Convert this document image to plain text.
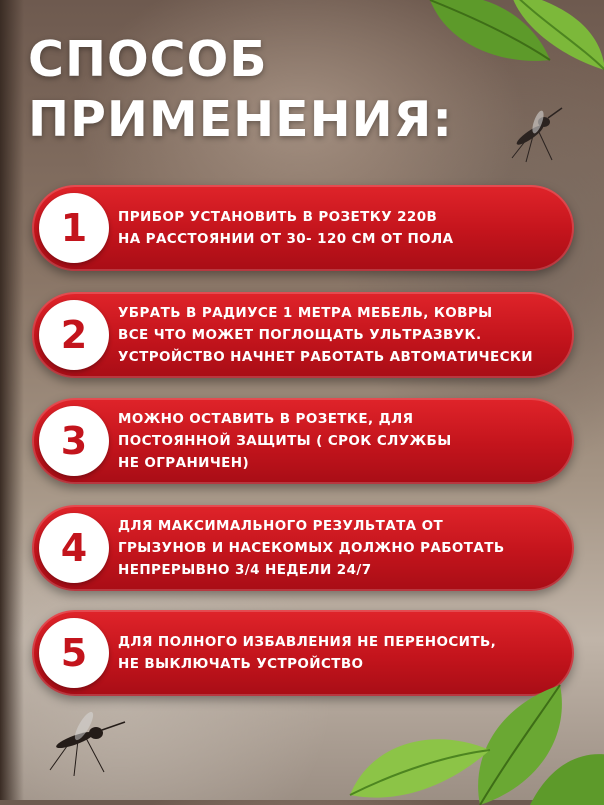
СПОСОБ
ПРИМЕНЕНИЯ:
1	ПРИБОР УСТАНОВИТЬ В РОЗЕТКУ 220В
НА РАССТОЯНИИ ОТ 30- 120 СМ ОТ ПОЛА

2	УБРАТЬ В РАДИУСЕ 1 МЕТРА МЕБЕЛЬ, КОВРЫ
ВСЕ ЧТО МОЖЕТ ПОГЛОЩАТЬ УЛЬТРАЗВУК.
УСТРОЙСТВО НАЧНЕТ РАБОТАТЬ АВТОМАТИЧЕСКИ

3	МОЖНО ОСТАВИТЬ В РОЗЕТКЕ, ДЛЯ
ПОСТОЯННОЙ ЗАЩИТЫ ( СРОК СЛУЖБЫ
НЕ ОГРАНИЧЕН)

4	ДЛЯ МАКСИМАЛЬНОГО РЕЗУЛЬТАТА ОТ
ГРЫЗУНОВ И НАСЕКОМЫХ ДОЛЖНО РАБОТАТЬ
НЕПРЕРЫВНО 3/4 НЕДЕЛИ 24/7

5	ДЛЯ ПОЛНОГО ИЗБАВЛЕНИЯ НЕ ПЕРЕНОСИТЬ,
НЕ ВЫКЛЮЧАТЬ УСТРОЙСТВО
